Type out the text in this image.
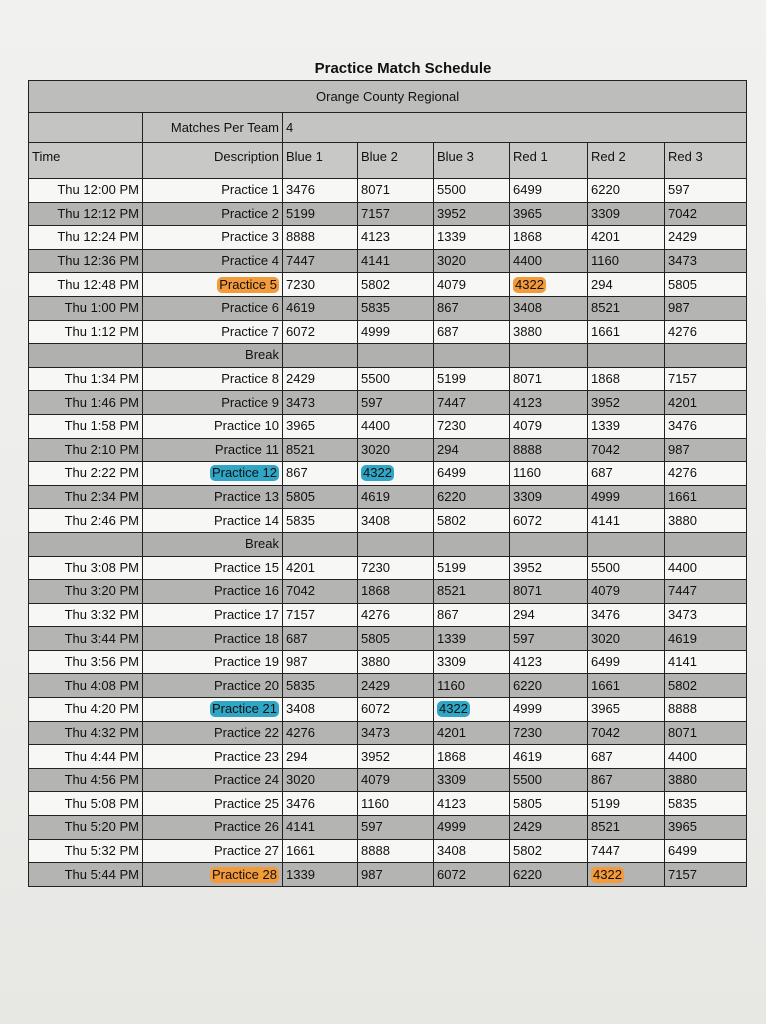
Practice Match Schedule
Orange County Regional							
	Matches Per Team	4					
Time	Description	Blue 1	Blue 2	Blue 3	Red 1	Red 2	Red 3
Thu 12:00 PM	Practice 1	3476	8071	5500	6499	6220	597
Thu 12:12 PM	Practice 2	5199	7157	3952	3965	3309	7042
Thu 12:24 PM	Practice 3	8888	4123	1339	1868	4201	2429
Thu 12:36 PM	Practice 4	7447	4141	3020	4400	1160	3473
Thu 12:48 PM	Practice 5	7230	5802	4079	4322	294	5805
Thu 1:00 PM	Practice 6	4619	5835	867	3408	8521	987
Thu 1:12 PM	Practice 7	6072	4999	687	3880	1661	4276
	Break						
Thu 1:34 PM	Practice 8	2429	5500	5199	8071	1868	7157
Thu 1:46 PM	Practice 9	3473	597	7447	4123	3952	4201
Thu 1:58 PM	Practice 10	3965	4400	7230	4079	1339	3476
Thu 2:10 PM	Practice 11	8521	3020	294	8888	7042	987
Thu 2:22 PM	Practice 12	867	4322	6499	1160	687	4276
Thu 2:34 PM	Practice 13	5805	4619	6220	3309	4999	1661
Thu 2:46 PM	Practice 14	5835	3408	5802	6072	4141	3880
	Break						
Thu 3:08 PM	Practice 15	4201	7230	5199	3952	5500	4400
Thu 3:20 PM	Practice 16	7042	1868	8521	8071	4079	7447
Thu 3:32 PM	Practice 17	7157	4276	867	294	3476	3473
Thu 3:44 PM	Practice 18	687	5805	1339	597	3020	4619
Thu 3:56 PM	Practice 19	987	3880	3309	4123	6499	4141
Thu 4:08 PM	Practice 20	5835	2429	1160	6220	1661	5802
Thu 4:20 PM	Practice 21	3408	6072	4322	4999	3965	8888
Thu 4:32 PM	Practice 22	4276	3473	4201	7230	7042	8071
Thu 4:44 PM	Practice 23	294	3952	1868	4619	687	4400
Thu 4:56 PM	Practice 24	3020	4079	3309	5500	867	3880
Thu 5:08 PM	Practice 25	3476	1160	4123	5805	5199	5835
Thu 5:20 PM	Practice 26	4141	597	4999	2429	8521	3965
Thu 5:32 PM	Practice 27	1661	8888	3408	5802	7447	6499
Thu 5:44 PM	Practice 28	1339	987	6072	6220	4322	7157
